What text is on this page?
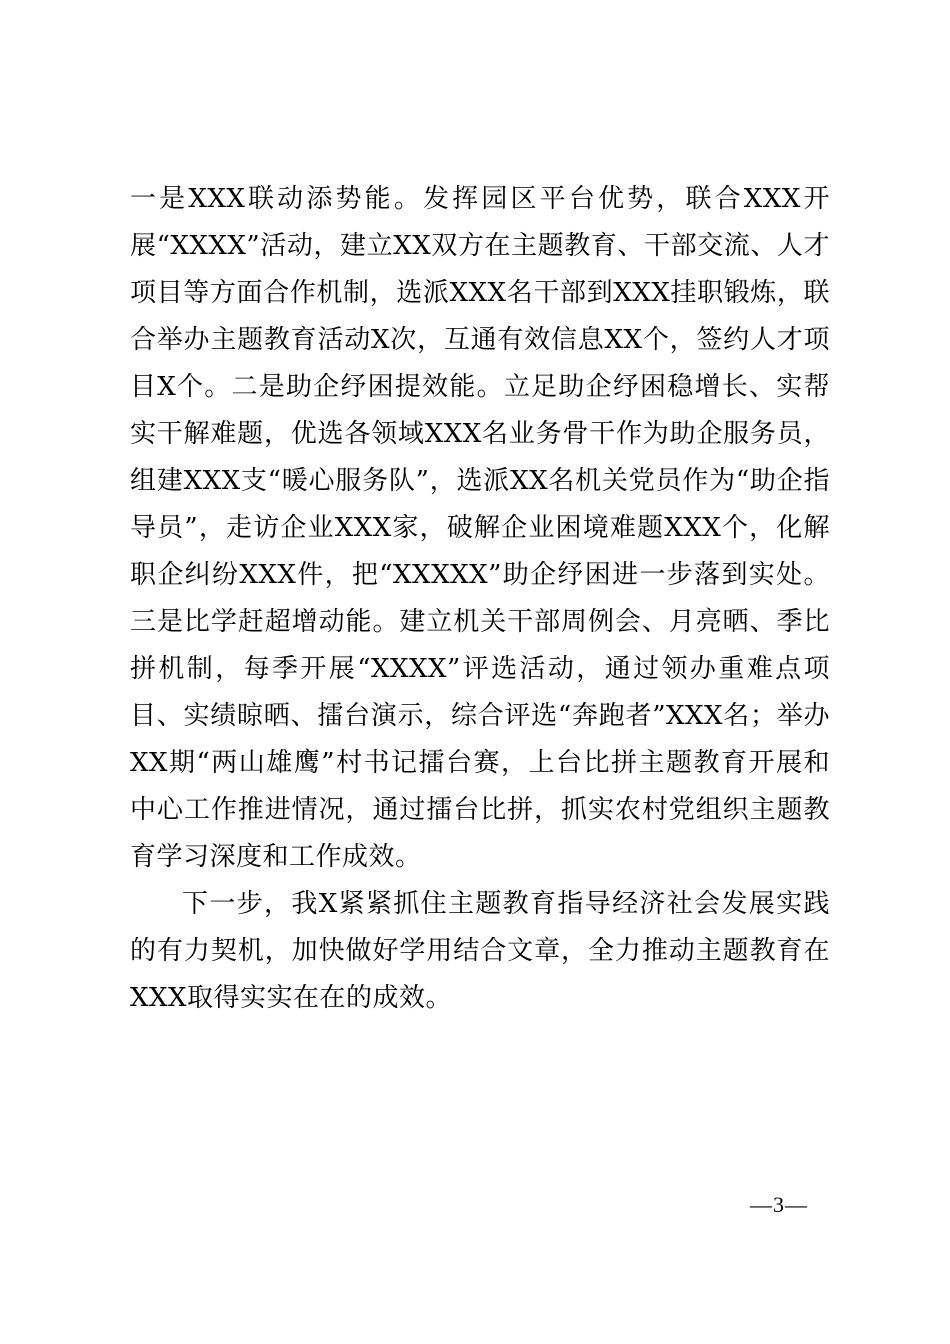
一是XXX联动添势能。发挥园区平台优势，联合XXX开展“XXXX”活动，建立XX双方在主题教育、干部交流、人才项目等方面合作机制，选派XXX名干部到XXX挂职锻炼，联合举办主题教育活动X次，互通有效信息XX个，签约人才项目X个。二是助企纾困提效能。立足助企纾困稳增长、实帮实干解难题，优选各领域XXX名业务骨干作为助企服务员，组建XXX支“暖心服务队”，选派XX名机关党员作为“助企指导员”，走访企业XXX家，破解企业困境难题XXX个，化解职企纠纷XXX件，把“XXXXX”助企纾困进一步落到实处。三是比学赶超增动能。建立机关干部周例会、月亮晒、季比拼机制，每季开展“XXXX”评选活动，通过领办重难点项目、实绩晾晒、擂台演示，综合评选“奔跑者”XXX名；举办XX期“两山雄鹰”村书记擂台赛，上台比拼主题教育开展和中心工作推进情况，通过擂台比拼，抓实农村党组织主题教育学习深度和工作成效。

下一步，我X紧紧抓住主题教育指导经济社会发展实践的有力契机，加快做好学用结合文章，全力推动主题教育在XXX取得实实在在的成效。

—3—
